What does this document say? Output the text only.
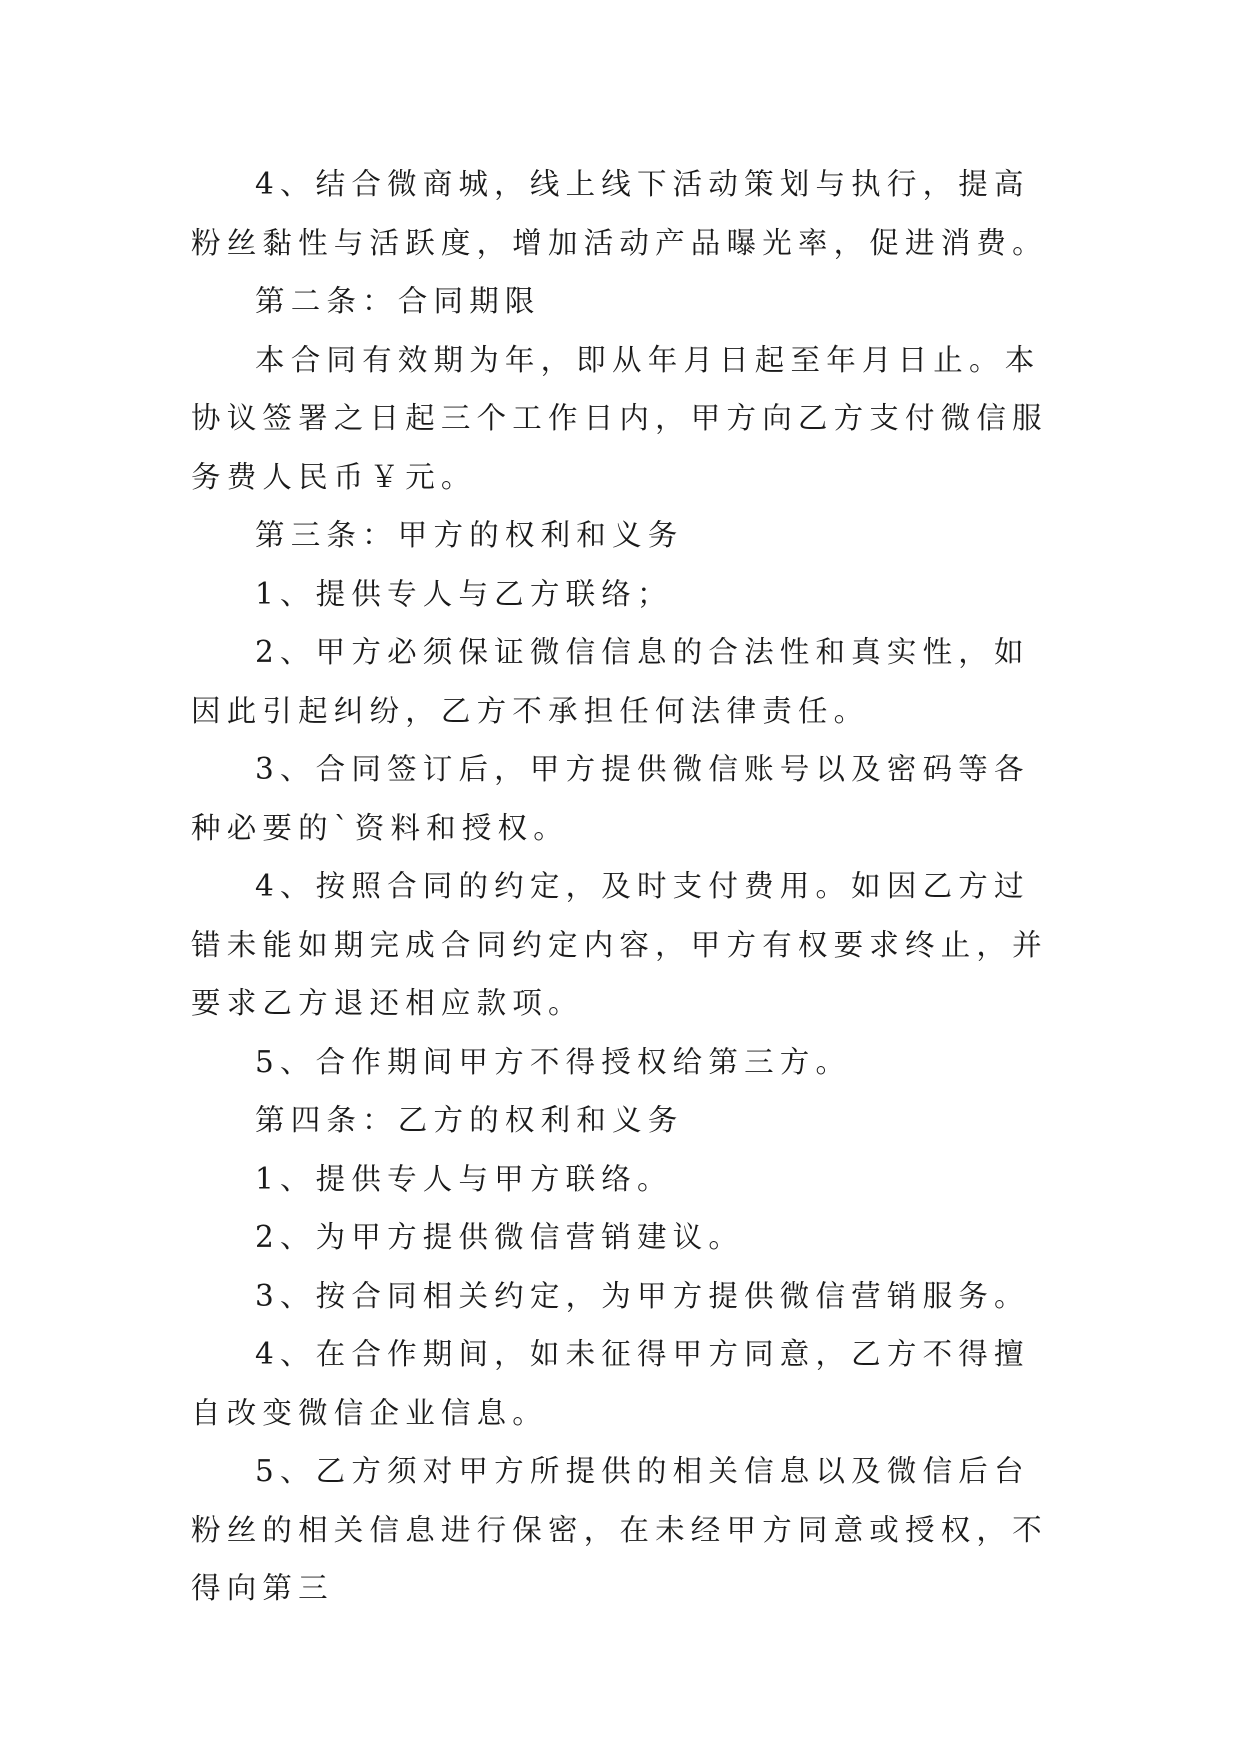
4、结合微商城，线上线下活动策划与执行，提高粉丝黏性与活跃度，增加活动产品曝光率，促进消费。

第二条：合同期限

本合同有效期为年，即从年月日起至年月日止。本协议签署之日起三个工作日内，甲方向乙方支付微信服务费人民币￥元。

第三条：甲方的权利和义务

1、提供专人与乙方联络；

2、甲方必须保证微信信息的合法性和真实性，如因此引起纠纷，乙方不承担任何法律责任。

3、合同签订后，甲方提供微信账号以及密码等各种必要的`资料和授权。

4、按照合同的约定，及时支付费用。如因乙方过错未能如期完成合同约定内容，甲方有权要求终止，并要求乙方退还相应款项。

5、合作期间甲方不得授权给第三方。

第四条：乙方的权利和义务

1、提供专人与甲方联络。

2、为甲方提供微信营销建议。

3、按合同相关约定，为甲方提供微信营销服务。

4、在合作期间，如未征得甲方同意，乙方不得擅自改变微信企业信息。

5、乙方须对甲方所提供的相关信息以及微信后台粉丝的相关信息进行保密，在未经甲方同意或授权，不得向第三
